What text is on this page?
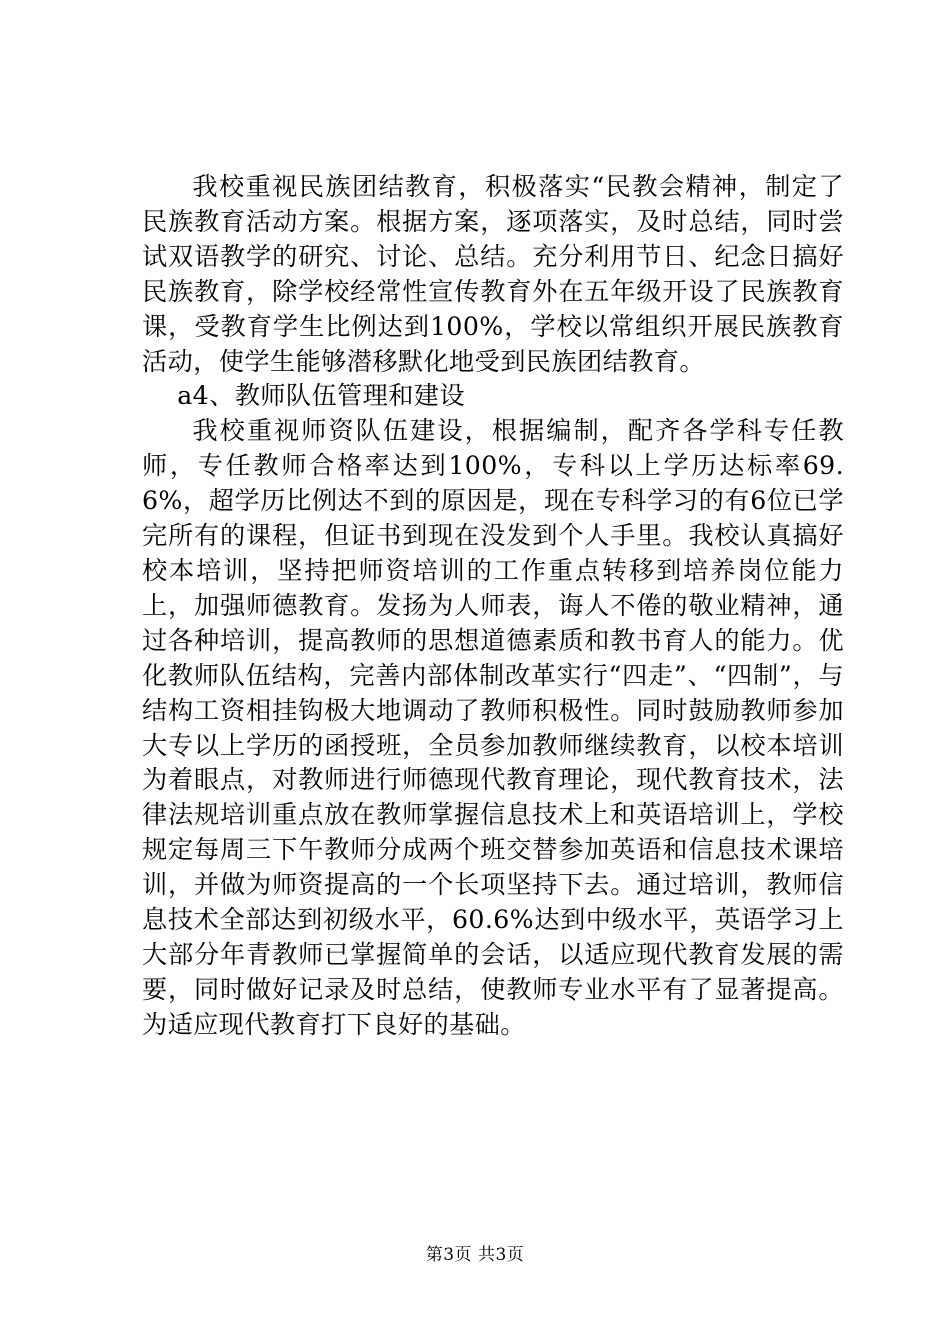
我校重视民族团结教育，积极落实“民教会精神，制定了民族教育活动方案。根据方案，逐项落实，及时总结，同时尝试双语教学的研究、讨论、总结。充分利用节日、纪念日搞好民族教育，除学校经常性宣传教育外在五年级开设了民族教育课，受教育学生比例达到100%，学校以常组织开展民族教育活动，使学生能够潜移默化地受到民族团结教育。

a4、教师队伍管理和建设

我校重视师资队伍建设，根据编制，配齐各学科专任教师，专任教师合格率达到100%，专科以上学历达标率69.6%，超学历比例达不到的原因是，现在专科学习的有6位已学完所有的课程，但证书到现在没发到个人手里。我校认真搞好校本培训，坚持把师资培训的工作重点转移到培养岗位能力上，加强师德教育。发扬为人师表，诲人不倦的敬业精神，通过各种培训，提高教师的思想道德素质和教书育人的能力。优化教师队伍结构，完善内部体制改革实行“四走”、“四制”，与结构工资相挂钩极大地调动了教师积极性。同时鼓励教师参加大专以上学历的函授班，全员参加教师继续教育，以校本培训为着眼点，对教师进行师德现代教育理论，现代教育技术，法律法规培训重点放在教师掌握信息技术上和英语培训上，学校规定每周三下午教师分成两个班交替参加英语和信息技术课培训，并做为师资提高的一个长项坚持下去。通过培训，教师信息技术全部达到初级水平，60.6%达到中级水平，英语学习上大部分年青教师已掌握简单的会话，以适应现代教育发展的需要，同时做好记录及时总结，使教师专业水平有了显著提高。为适应现代教育打下良好的基础。

第3页 共3页
